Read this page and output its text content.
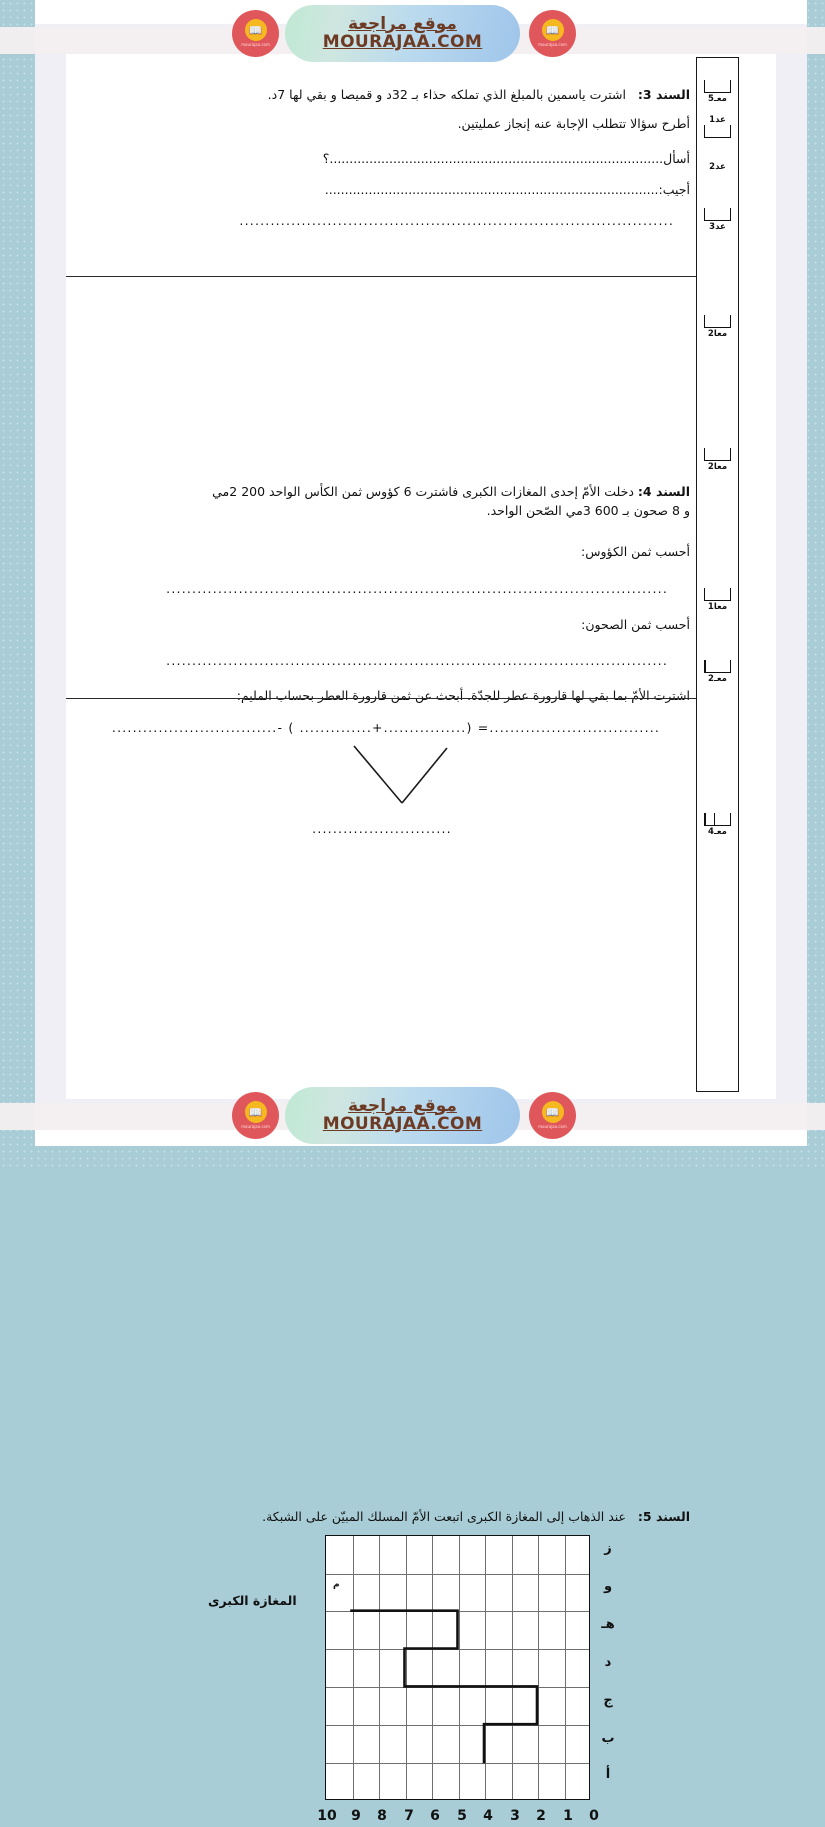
📖
mourajaa.com
موقع مراجعة
MOURAJAA.COM
📖
mourajaa.com

السند 3:   اشترت ياسمين بالمبلغ الذي تملكه حذاء بـ 32د و قميصا و بقي لها 7د.

أطرح سؤالا تتطلب الإجابة عنه إنجاز عمليتين.

أسأل....................................................................................؟
أجيب:....................................................................................
....................................................................................

السند 4: دخلت الأمّ إحدى المغازات الكبرى فاشترت 6 كؤوس ثمن الكأس الواحد 200 2مي

و 8 صحون بـ 600 3مي الصّحن الواحد.

أحسب ثمن الكؤوس:

.................................................................................................

أحسب ثمن الصحون:

.................................................................................................

اشترت الأمّ بما بقي لها قارورة عطر للجدّة. أبحث عن ثمن قارورة العطر بحساب المليم:

.................................= (................+.............. ) -................................
...........................

السند 5:   عند الذهاب إلى المغازة الكبرى اتبعت الأمّ المسلك المبيّن على الشبكة.

المغازة الكبرى
م
ز
و
هـ
د
ج
ب
أ
10	9	8	7	6	5	4	3	2	1	0
معـ5
عد1
عد2
عد3
معا2
معا2
معا1
معـ2
معـ4
📖
mourajaa.com
موقع مراجعة
MOURAJAA.COM
📖
mourajaa.com
